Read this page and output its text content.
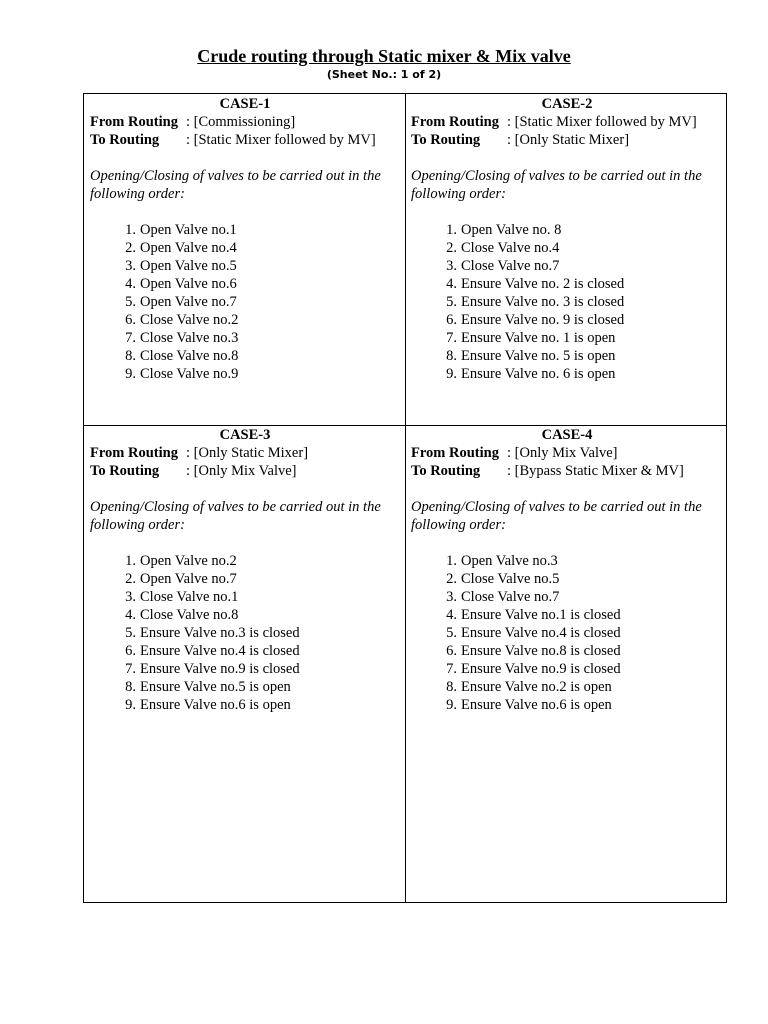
Crude routing through Static mixer & Mix valve
(Sheet No.: 1 of 2)
CASE-1
From Routing : [Commissioning]
To Routing : [Static Mixer followed by MV]
Opening/Closing of valves to be carried out in the following order:
1. Open Valve no.1
2. Open Valve no.4
3. Open Valve no.5
4. Open Valve no.6
5. Open Valve no.7
6. Close Valve no.2
7. Close Valve no.3
8. Close Valve no.8
9. Close Valve no.9
CASE-2
From Routing : [Static Mixer followed by MV]
To Routing : [Only Static Mixer]
Opening/Closing of valves to be carried out in the following order:
1. Open Valve no. 8
2. Close Valve no.4
3. Close Valve no.7
4. Ensure Valve no. 2 is closed
5. Ensure Valve no. 3 is closed
6. Ensure Valve no. 9 is closed
7. Ensure Valve no. 1 is open
8. Ensure Valve no. 5 is open
9. Ensure Valve no. 6 is open
CASE-3
From Routing : [Only Static Mixer]
To Routing : [Only Mix Valve]
Opening/Closing of valves to be carried out in the following order:
1. Open Valve no.2
2. Open Valve no.7
3. Close Valve no.1
4. Close Valve no.8
5. Ensure Valve no.3 is closed
6. Ensure Valve no.4 is closed
7. Ensure Valve no.9 is closed
8. Ensure Valve no.5 is open
9. Ensure Valve no.6 is open
CASE-4
From Routing : [Only Mix Valve]
To Routing : [Bypass Static Mixer & MV]
Opening/Closing of valves to be carried out in the following order:
1. Open Valve no.3
2. Close Valve no.5
3. Close Valve no.7
4. Ensure Valve no.1 is closed
5. Ensure Valve no.4 is closed
6. Ensure Valve no.8 is closed
7. Ensure Valve no.9 is closed
8. Ensure Valve no.2 is open
9. Ensure Valve no.6 is open
